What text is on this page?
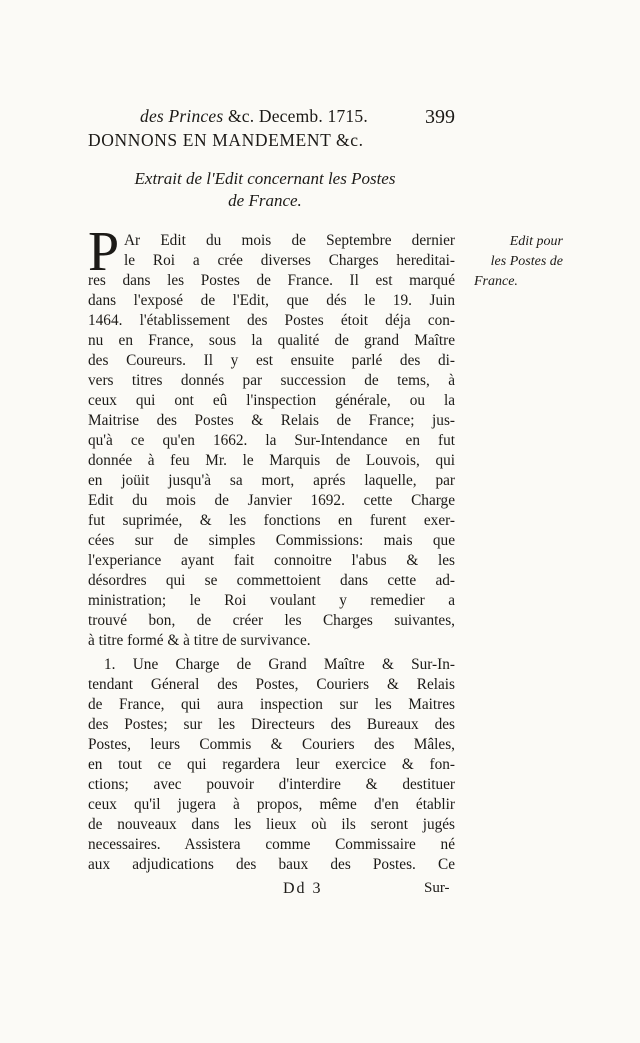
des Princes &c. Decemb. 1715.	399
DONNONS EN MANDEMENT &c.
Extrait de l'Edit concernant les Postes
de France.
Edit pour
les Postes de
France.
P Ar Edit du mois de Septembre dernier
le Roi a crée diverses Charges hereditai-
res dans les Postes de France. Il est marqué
dans l'exposé de l'Edit, que dés le 19. Juin
1464. l'établissement des Postes étoit déja con-
nu en France, sous la qualité de grand Maître
des Coureurs. Il y est ensuite parlé des di-
vers titres donnés par succession de tems, à
ceux qui ont eû l'inspection générale, ou la
Maitrise des Postes & Relais de France; jus-
qu'à ce qu'en 1662. la Sur-Intendance en fut
donnée à feu Mr. le Marquis de Louvois, qui
en joüit jusqu'à sa mort, aprés laquelle, par
Edit du mois de Janvier 1692. cette Charge
fut suprimée, & les fonctions en furent exer-
cées sur de simples Commissions: mais que
l'experiance ayant fait connoitre l'abus & les
désordres qui se commettoient dans cette ad-
ministration; le Roi voulant y remedier a
trouvé bon, de créer les Charges suivantes,
à titre formé & à titre de survivance.
1. Une Charge de Grand Maître & Sur-In-
tendant Géneral des Postes, Couriers & Relais
de France, qui aura inspection sur les Maitres
des Postes; sur les Directeurs des Bureaux des
Postes, leurs Commis & Couriers des Mâles,
en tout ce qui regardera leur exercice & fon-
ctions; avec pouvoir d'interdire & destituer
ceux qu'il jugera à propos, même d'en établir
de nouveaux dans les lieux où ils seront jugés
necessaires. Assistera comme Commissaire né
aux adjudications des baux des Postes. Ce
Dd 3	Sur-
